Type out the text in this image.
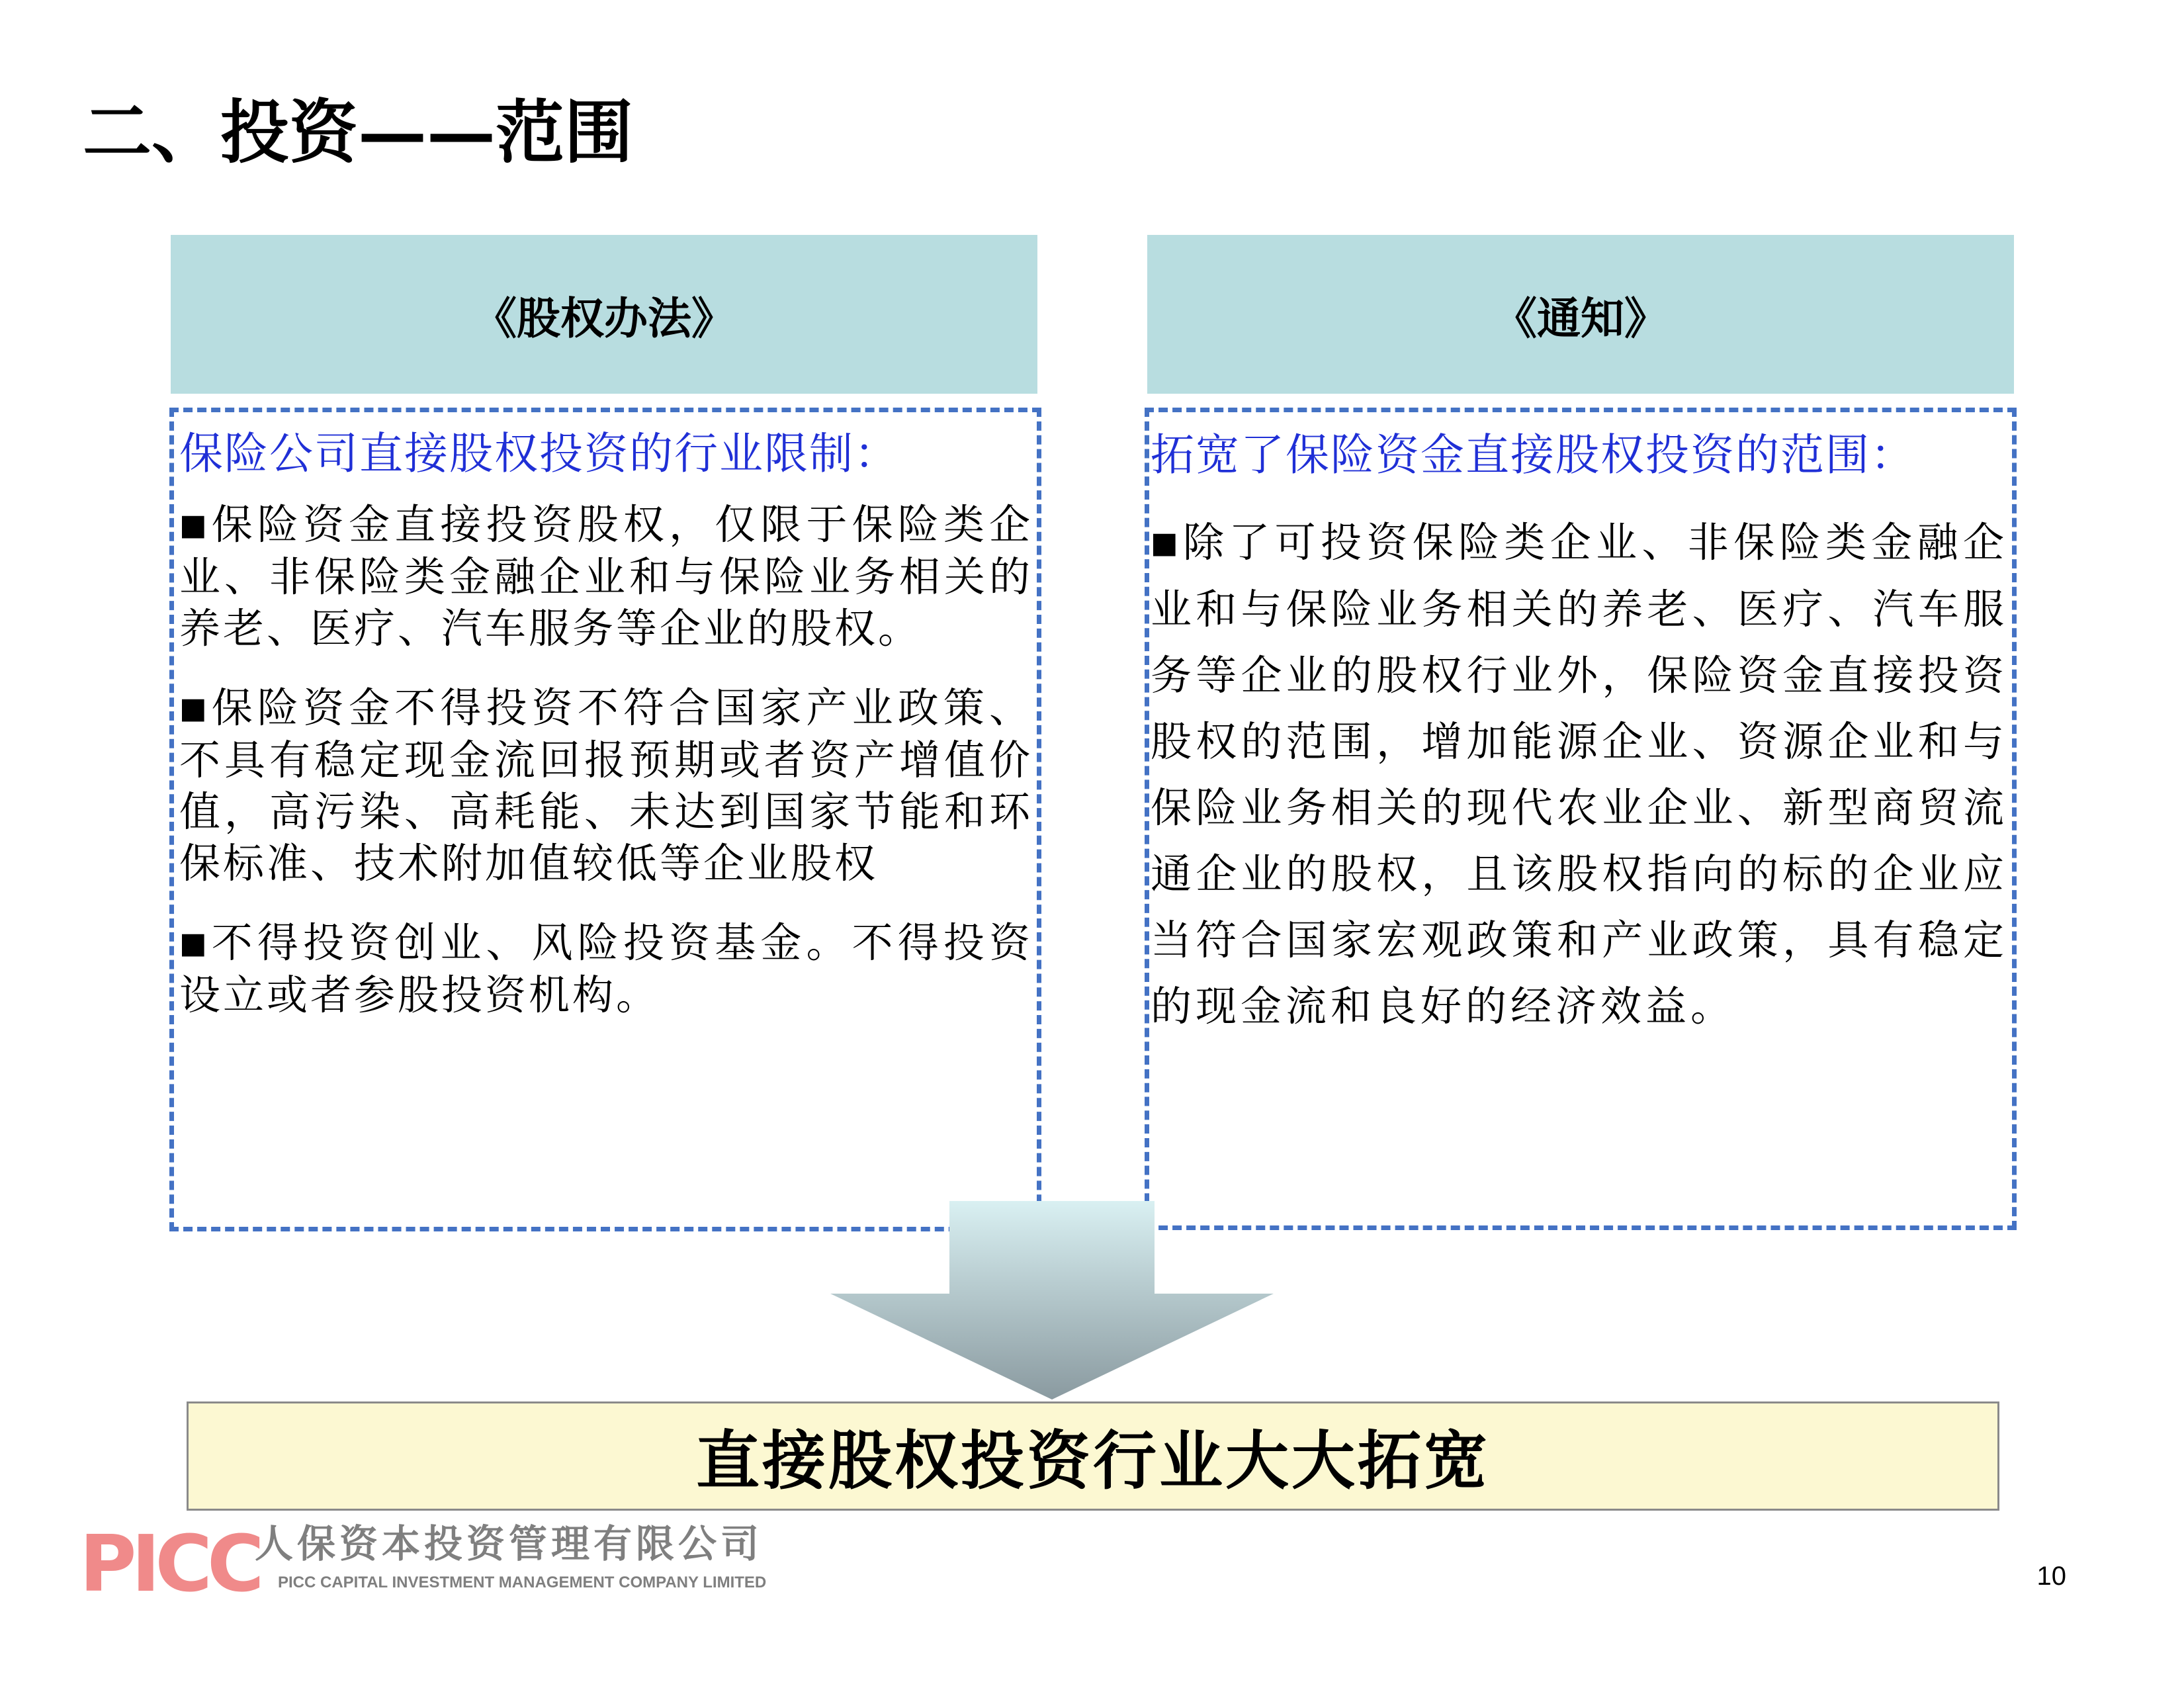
二、投资——范围
《股权办法》	《通知》

保险公司直接股权投资的行业限制：

■保险资金直接投资股权，仅限于保险类企业、非保险类金融企业和与保险业务相关的养老、医疗、汽车服务等企业的股权。

■保险资金不得投资不符合国家产业政策、不具有稳定现金流回报预期或者资产增值价值，高污染、高耗能、未达到国家节能和环保标准、技术附加值较低等企业股权

■不得投资创业、风险投资基金。不得投资设立或者参股投资机构。

拓宽了保险资金直接股权投资的范围：

■除了可投资保险类企业、非保险类金融企业和与保险业务相关的养老、医疗、汽车服务等企业的股权行业外，保险资金直接投资股权的范围，增加能源企业、资源企业和与保险业务相关的现代农业企业、新型商贸流通企业的股权，且该股权指向的标的企业应当符合国家宏观政策和产业政策，具有稳定的现金流和良好的经济效益。

直接股权投资行业大大拓宽
PICC
人保资本投资管理有限公司
PICC CAPITAL INVESTMENT MANAGEMENT COMPANY LIMITED	10
